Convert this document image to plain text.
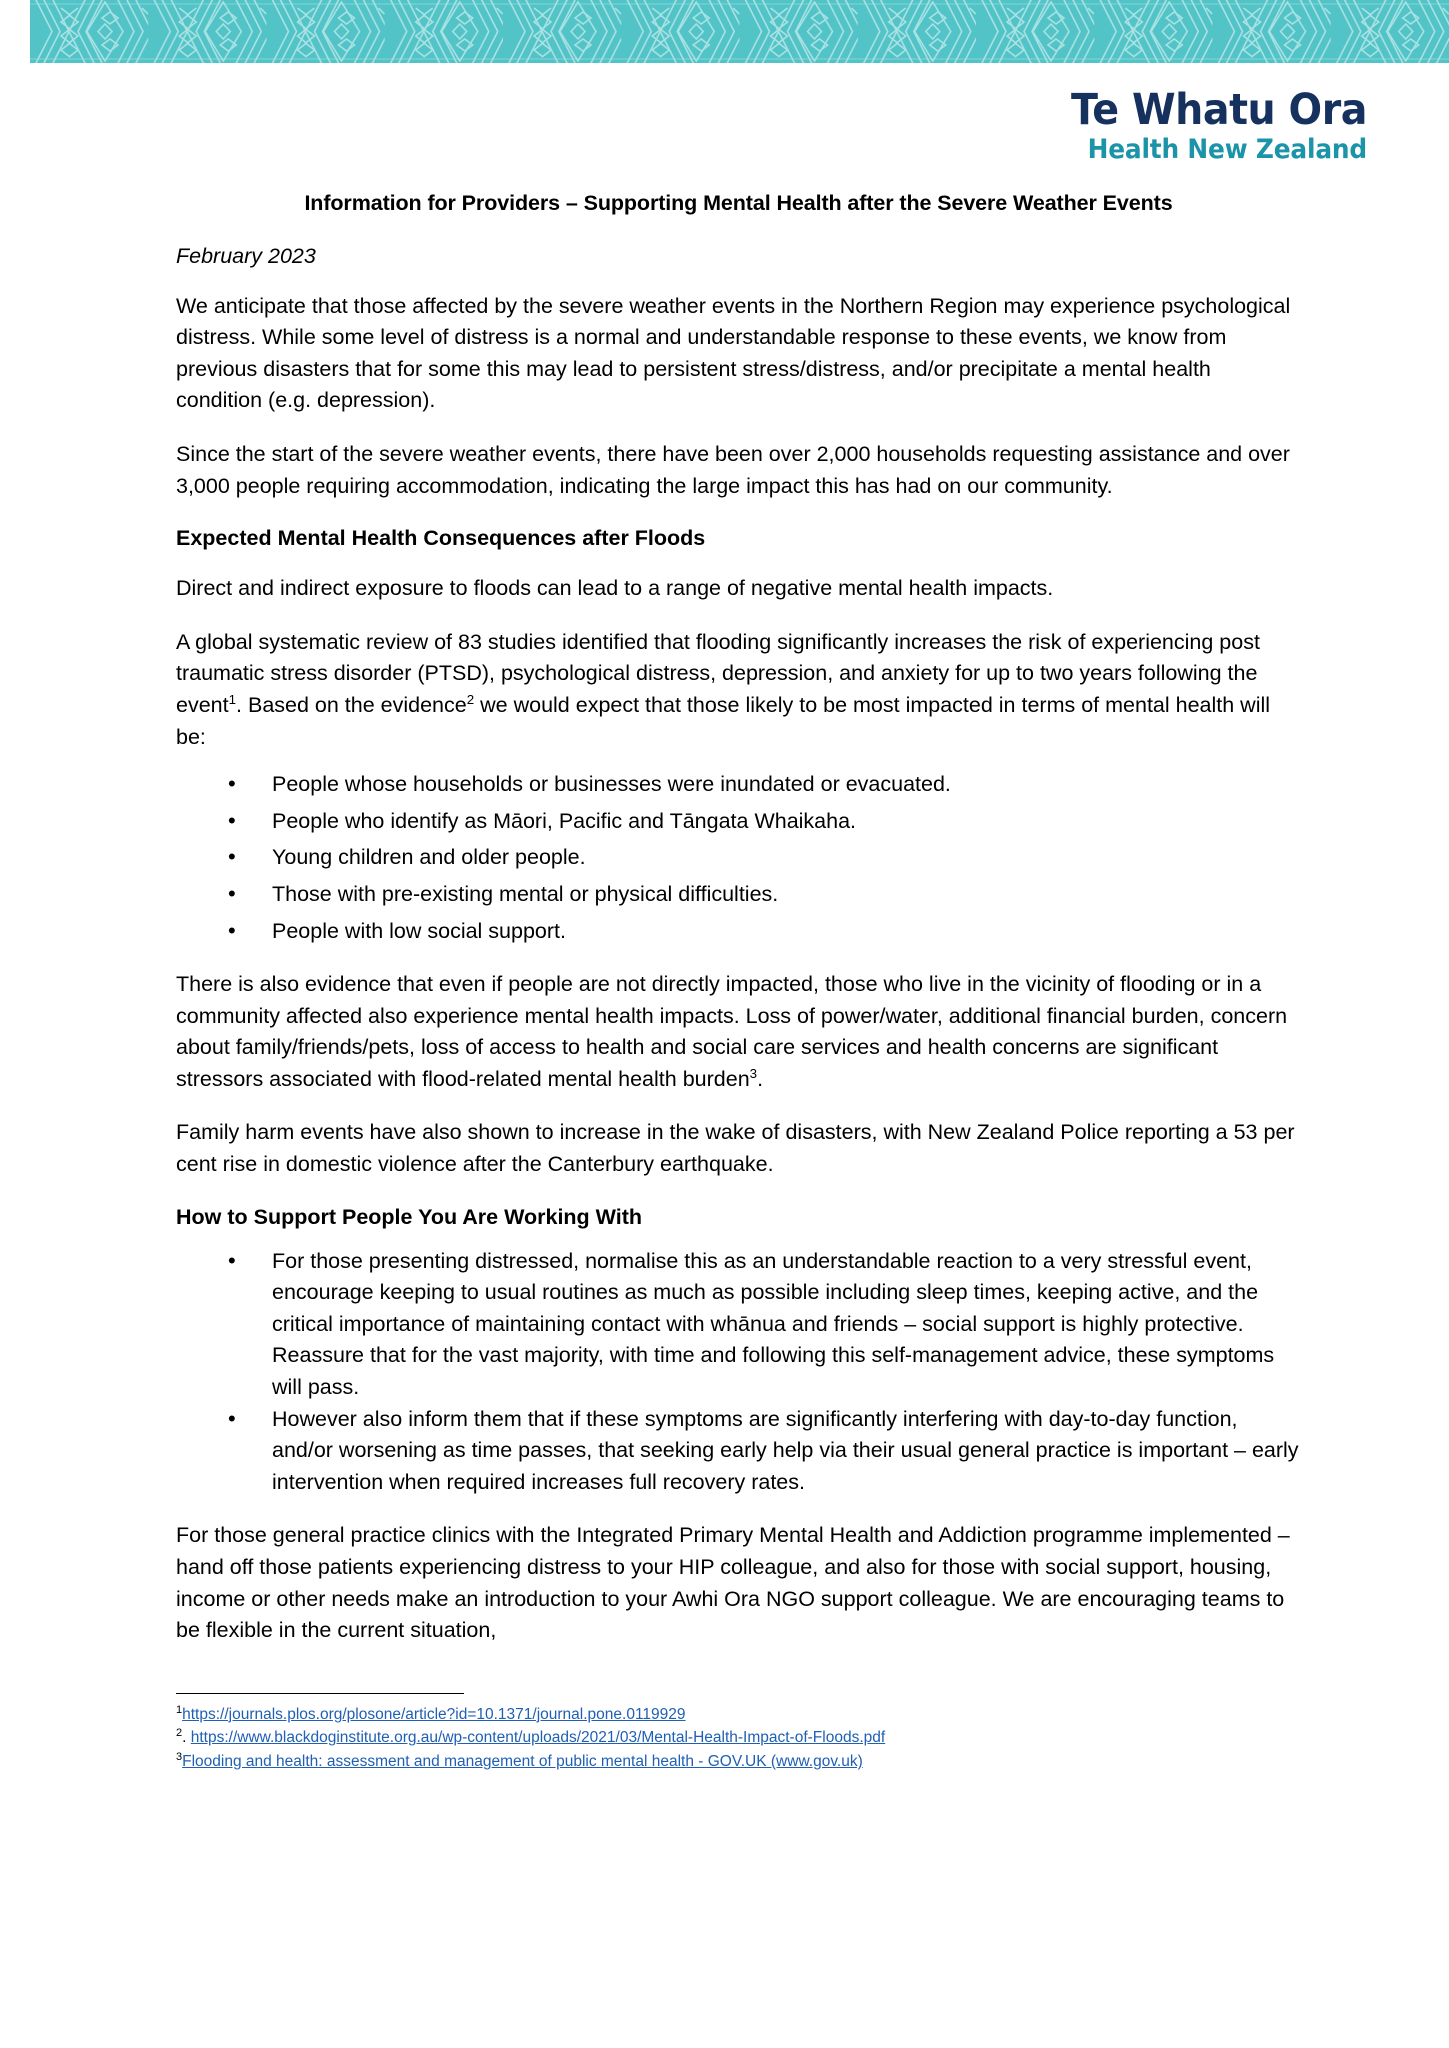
Te Whatu Ora
Health New Zealand
Information for Providers – Supporting Mental Health after the Severe Weather Events
February 2023

We anticipate that those affected by the severe weather events in the Northern Region may experience psychological distress. While some level of distress is a normal and understandable response to these events, we know from previous disasters that for some this may lead to persistent stress/distress, and/or precipitate a mental health condition (e.g. depression).

Since the start of the severe weather events, there have been over 2,000 households requesting assistance and over 3,000 people requiring accommodation, indicating the large impact this has had on our community.

Expected Mental Health Consequences after Floods

Direct and indirect exposure to floods can lead to a range of negative mental health impacts.

A global systematic review of 83 studies identified that flooding significantly increases the risk of experiencing post traumatic stress disorder (PTSD), psychological distress, depression, and anxiety for up to two years following the event$^1$. Based on the evidence$^2$ we would expect that those likely to be most impacted in terms of mental health will be:

• People whose households or businesses were inundated or evacuated.
• People who identify as Māori, Pacific and Tāngata Whaikaha.
• Young children and older people.
• Those with pre-existing mental or physical difficulties.
• People with low social support.

There is also evidence that even if people are not directly impacted, those who live in the vicinity of flooding or in a community affected also experience mental health impacts. Loss of power/water, additional financial burden, concern about family/friends/pets, loss of access to health and social care services and health concerns are significant stressors associated with flood-related mental health burden$^3$.

Family harm events have also shown to increase in the wake of disasters, with New Zealand Police reporting a 53 per cent rise in domestic violence after the Canterbury earthquake.

How to Support People You Are Working With
• For those presenting distressed, normalise this as an understandable reaction to a very stressful event, encourage keeping to usual routines as much as possible including sleep times, keeping active, and the critical importance of maintaining contact with whānua and friends – social support is highly protective. Reassure that for the vast majority, with time and following this self-management advice, these symptoms will pass.
• However also inform them that if these symptoms are significantly interfering with day-to-day function, and/or worsening as time passes, that seeking early help via their usual general practice is important – early intervention when required increases full recovery rates.

For those general practice clinics with the Integrated Primary Mental Health and Addiction programme implemented – hand off those patients experiencing distress to your HIP colleague, and also for those with social support, housing, income or other needs make an introduction to your Awhi Ora NGO support colleague. We are encouraging teams to be flexible in the current situation,

$^1$https://journals.plos.org/plosone/article?id=10.1371/journal.pone.0119929
$^2$. https://www.blackdoginstitute.org.au/wp-content/uploads/2021/03/Mental-Health-Impact-of-Floods.pdf
$^3$Flooding and health: assessment and management of public mental health - GOV.UK (www.gov.uk)
